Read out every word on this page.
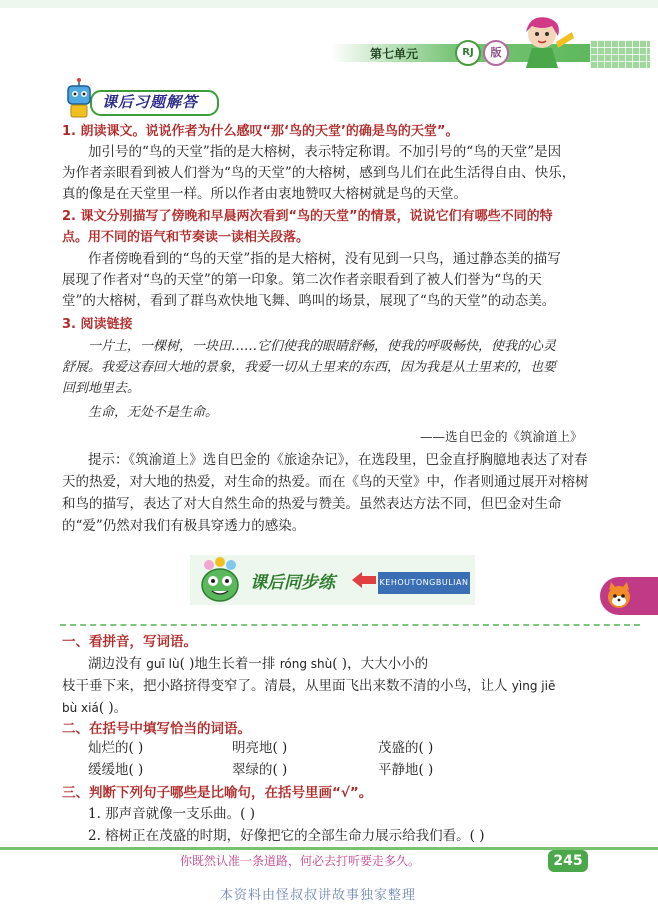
第七单元	RJ	版
课后习题解答
1. 朗读课文。说说作者为什么感叹“那‘鸟的天堂’的确是鸟的天堂”。
加引号的“鸟的天堂”指的是大榕树，表示特定称谓。不加引号的“鸟的天堂”是因
为作者亲眼看到被人们誉为“鸟的天堂”的大榕树，感到鸟儿们在此生活得自由、快乐，
真的像是在天堂里一样。所以作者由衷地赞叹大榕树就是鸟的天堂。
2. 课文分别描写了傍晚和早晨两次看到“鸟的天堂”的情景，说说它们有哪些不同的特
点。用不同的语气和节奏读一读相关段落。
作者傍晚看到的“鸟的天堂”指的是大榕树，没有见到一只鸟，通过静态美的描写
展现了作者对“鸟的天堂”的第一印象。第二次作者亲眼看到了被人们誉为“鸟的天
堂”的大榕树，看到了群鸟欢快地飞舞、鸣叫的场景，展现了“鸟的天堂”的动态美。
3. 阅读链接
一片土，一棵树，一块田……它们使我的眼睛舒畅，使我的呼吸畅快，使我的心灵
舒展。我爱这春回大地的景象，我爱一切从土里来的东西，因为我是从土里来的，也要
回到地里去。
生命，无处不是生命。
——选自巴金的《筑渝道上》
提示：《筑渝道上》选自巴金的《旅途杂记》，在选段里，巴金直抒胸臆地表达了对春
天的热爱，对大地的热爱，对生命的热爱。而在《鸟的天堂》中，作者则通过展开对榕树
和鸟的描写，表达了对大自然生命的热爱与赞美。虽然表达方法不同，但巴金对生命
的“爱”仍然对我们有极具穿透力的感染。
课后同步练	KEHOUTONGBULIAN
一、看拼音，写词语。
湖边没有 guī lù( )地生长着一排 róng shù( )，大大小小的
枝干垂下来，把小路挤得变窄了。清晨，从里面飞出来数不清的小鸟，让人 yìng jiē
bù xiá( )。
二、在括号中填写恰当的词语。
灿烂的( )	明亮地( )	茂盛的( )
缓缓地( )	翠绿的( )	平静地( )
三、判断下列句子哪些是比喻句，在括号里画“√”。
1. 那声音就像一支乐曲。( )
2. 榕树正在茂盛的时期，好像把它的全部生命力展示给我们看。( )
你既然认准一条道路，何必去打听要走多久。	245
本资料由怪叔叔讲故事独家整理
